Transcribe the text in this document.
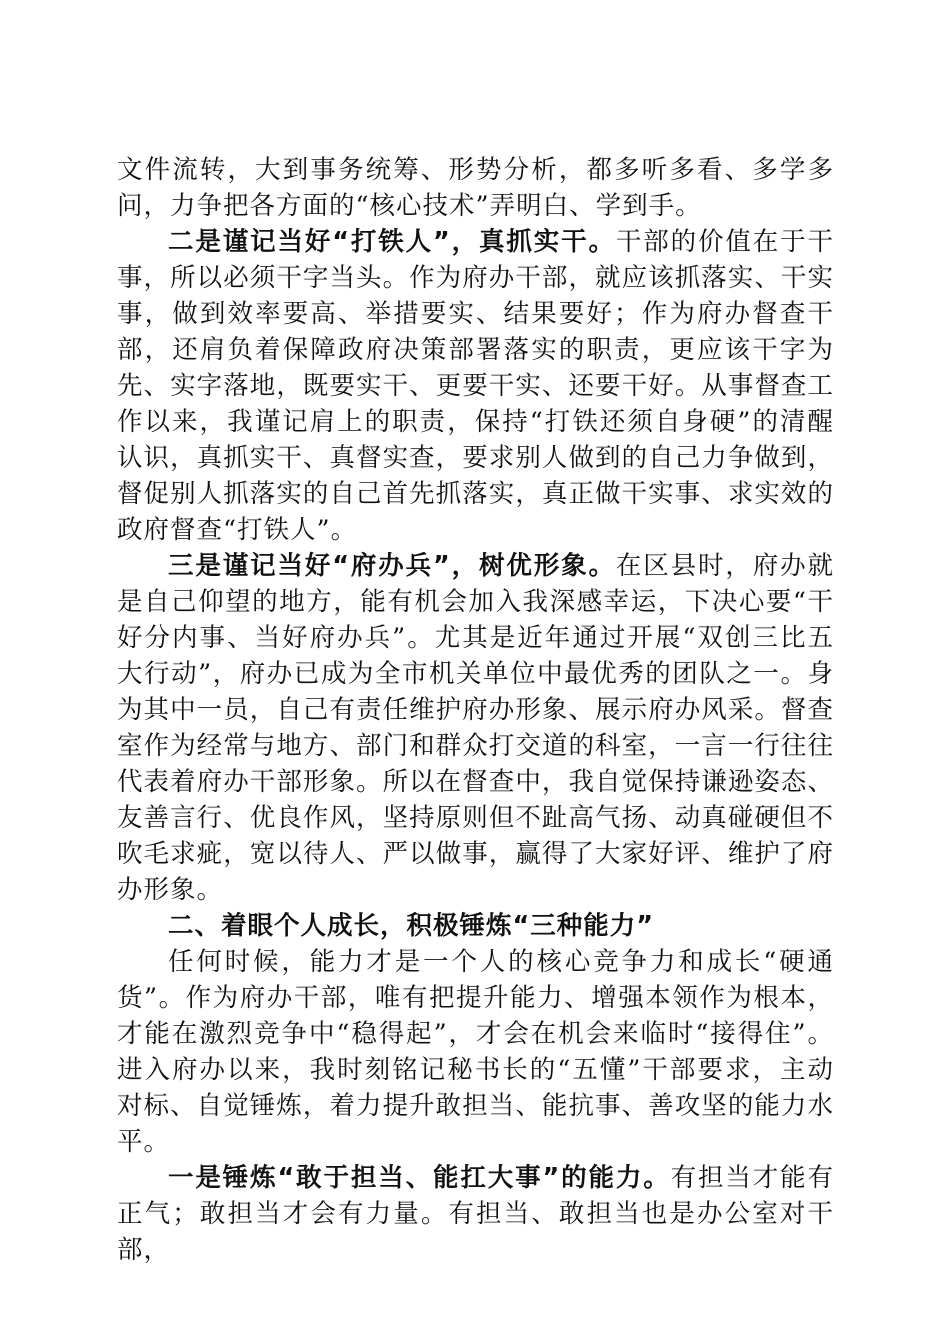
文件流转，大到事务统筹、形势分析，都多听多看、多学多问，力争把各方面的“核心技术”弄明白、学到手。

二是谨记当好“打铁人”，真抓实干。干部的价值在于干事，所以必须干字当头。作为府办干部，就应该抓落实、干实事，做到效率要高、举措要实、结果要好；作为府办督查干部，还肩负着保障政府决策部署落实的职责，更应该干字为先、实字落地，既要实干、更要干实、还要干好。从事督查工作以来，我谨记肩上的职责，保持“打铁还须自身硬”的清醒认识，真抓实干、真督实查，要求别人做到的自己力争做到，督促别人抓落实的自己首先抓落实，真正做干实事、求实效的政府督查“打铁人”。

三是谨记当好“府办兵”，树优形象。在区县时，府办就是自己仰望的地方，能有机会加入我深感幸运，下决心要“干好分内事、当好府办兵”。尤其是近年通过开展“双创三比五大行动”，府办已成为全市机关单位中最优秀的团队之一。身为其中一员，自己有责任维护府办形象、展示府办风采。督查室作为经常与地方、部门和群众打交道的科室，一言一行往往代表着府办干部形象。所以在督查中，我自觉保持谦逊姿态、友善言行、优良作风，坚持原则但不趾高气扬、动真碰硬但不吹毛求疵，宽以待人、严以做事，赢得了大家好评、维护了府办形象。

二、着眼个人成长，积极锤炼“三种能力”

任何时候，能力才是一个人的核心竞争力和成长“硬通货”。作为府办干部，唯有把提升能力、增强本领作为根本，才能在激烈竞争中“稳得起”，才会在机会来临时“接得住”。进入府办以来，我时刻铭记秘书长的“五懂”干部要求，主动对标、自觉锤炼，着力提升敢担当、能抗事、善攻坚的能力水平。

一是锤炼“敢于担当、能扛大事”的能力。有担当才能有正气；敢担当才会有力量。有担当、敢担当也是办公室对干部，
